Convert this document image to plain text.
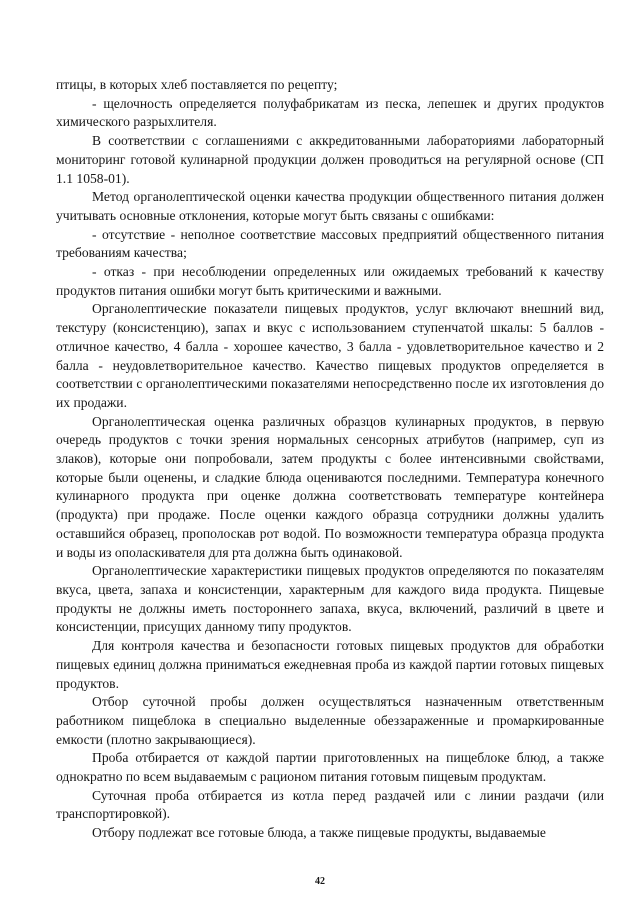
птицы, в которых хлеб поставляется по рецепту;

- щелочность определяется полуфабрикатам из песка, лепешек и других продуктов химического разрыхлителя.

В соответствии с соглашениями с аккредитованными лабораториями лабораторный мониторинг готовой кулинарной продукции должен проводиться на регулярной основе (СП 1.1 1058-01).

Метод органолептической оценки качества продукции общественного питания должен учитывать основные отклонения, которые могут быть связаны с ошибками:

- отсутствие - неполное соответствие массовых предприятий общественного питания требованиям качества;

- отказ - при несоблюдении определенных или ожидаемых требований к качеству продуктов питания ошибки могут быть критическими и важными.

Органолептические показатели пищевых продуктов, услуг включают внешний вид, текстуру (консистенцию), запах и вкус с использованием ступенчатой шкалы: 5 баллов - отличное качество, 4 балла - хорошее качество, 3 балла - удовлетворительное качество и 2 балла - неудовлетворительное качество. Качество пищевых продуктов определяется в соответствии с органолептическими показателями непосредственно после их изготовления до их продажи.

Органолептическая оценка различных образцов кулинарных продуктов, в первую очередь продуктов с точки зрения нормальных сенсорных атрибутов (например, суп из злаков), которые они попробовали, затем продукты с более интенсивными свойствами, которые были оценены, и сладкие блюда оцениваются последними. Температура конечного кулинарного продукта при оценке должна соответствовать температуре контейнера (продукта) при продаже. После оценки каждого образца сотрудники должны удалить оставшийся образец, прополоскав рот водой. По возможности температура образца продукта и воды из ополаскивателя для рта должна быть одинаковой.

Органолептические характеристики пищевых продуктов определяются по показателям вкуса, цвета, запаха и консистенции, характерным для каждого вида продукта. Пищевые продукты не должны иметь постороннего запаха, вкуса, включений, различий в цвете и консистенции, присущих данному типу продуктов.

Для контроля качества и безопасности готовых пищевых продуктов для обработки пищевых единиц должна приниматься ежедневная проба из каждой партии готовых пищевых продуктов.

Отбор суточной пробы должен осуществляться назначенным ответственным работником пищеблока в специально выделенные обеззараженные и промаркированные емкости (плотно закрывающиеся).

Проба отбирается от каждой партии приготовленных на пищеблоке блюд, а также однократно по всем выдаваемым с рационом питания готовым пищевым продуктам.

Суточная проба отбирается из котла перед раздачей или с линии раздачи (или транспортировкой).

Отбору подлежат все готовые блюда, а также пищевые продукты, выдаваемые

42
